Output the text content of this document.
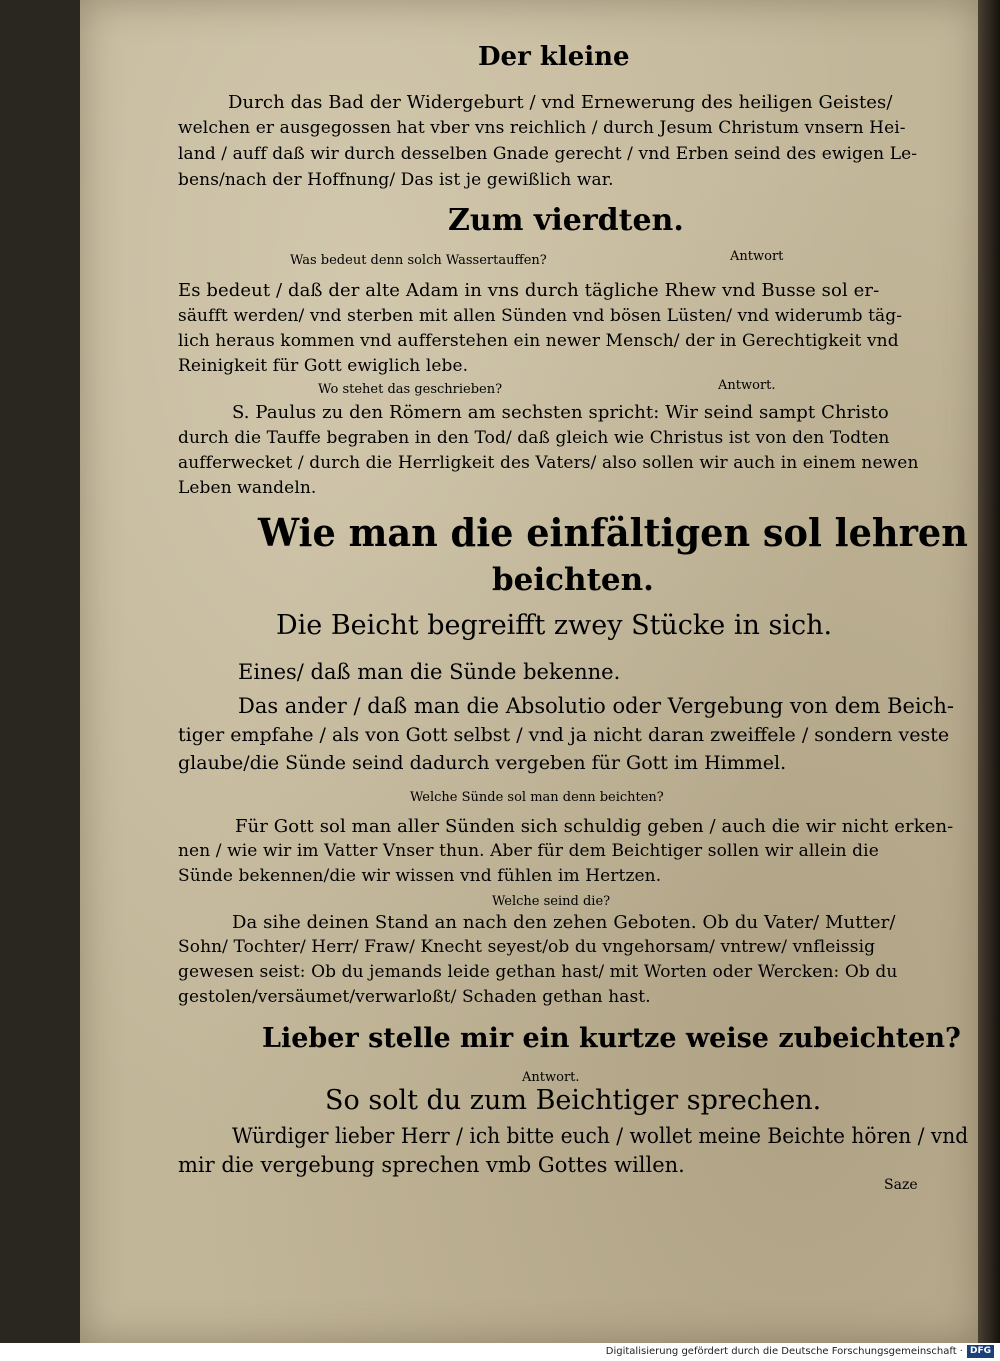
Der kleine
Durch das Bad der Widergeburt / vnd Ernewerung des heiligen Geistes/
welchen er ausgegossen hat vber vns reichlich / durch Jesum Christum vnsern Hei-
land / auff daß wir durch desselben Gnade gerecht / vnd Erben seind des ewigen Le-
bens/nach der Hoffnung/ Das ist je gewißlich war.
Zum vierdten.
Was bedeut denn solch Wassertauffen?	Antwort
Es bedeut / daß der alte Adam in vns durch tägliche Rhew vnd Busse sol er-
säufft werden/ vnd sterben mit allen Sünden vnd bösen Lüsten/ vnd widerumb täg-
lich heraus kommen vnd aufferstehen ein newer Mensch/ der in Gerechtigkeit vnd
Reinigkeit für Gott ewiglich lebe.
Wo stehet das geschrieben?	Antwort.
S. Paulus zu den Römern am sechsten spricht: Wir seind sampt Christo
durch die Tauffe begraben in den Tod/ daß gleich wie Christus ist von den Todten
aufferwecket / durch die Herrligkeit des Vaters/ also sollen wir auch in einem newen
Leben wandeln.
Wie man die einfältigen sol lehren
beichten.
Die Beicht begreifft zwey Stücke in sich.
Eines/ daß man die Sünde bekenne.
Das ander / daß man die Absolutio oder Vergebung von dem Beich-
tiger empfahe / als von Gott selbst / vnd ja nicht daran zweiffele / sondern veste
glaube/die Sünde seind dadurch vergeben für Gott im Himmel.
Welche Sünde sol man denn beichten?
Für Gott sol man aller Sünden sich schuldig geben / auch die wir nicht erken-
nen / wie wir im Vatter Vnser thun. Aber für dem Beichtiger sollen wir allein die
Sünde bekennen/die wir wissen vnd fühlen im Hertzen.
Welche seind die?
Da sihe deinen Stand an nach den zehen Geboten. Ob du Vater/ Mutter/
Sohn/ Tochter/ Herr/ Fraw/ Knecht seyest/ob du vngehorsam/ vntrew/ vnfleissig
gewesen seist: Ob du jemands leide gethan hast/ mit Worten oder Wercken: Ob du
gestolen/versäumet/verwarloßt/ Schaden gethan hast.
Lieber stelle mir ein kurtze weise zubeichten?
Antwort.
So solt du zum Beichtiger sprechen.
Würdiger lieber Herr / ich bitte euch / wollet meine Beichte hören / vnd
mir die vergebung sprechen vmb Gottes willen.
Saze
Digitalisierung gefördert durch die Deutsche Forschungsgemeinschaft · DFG
